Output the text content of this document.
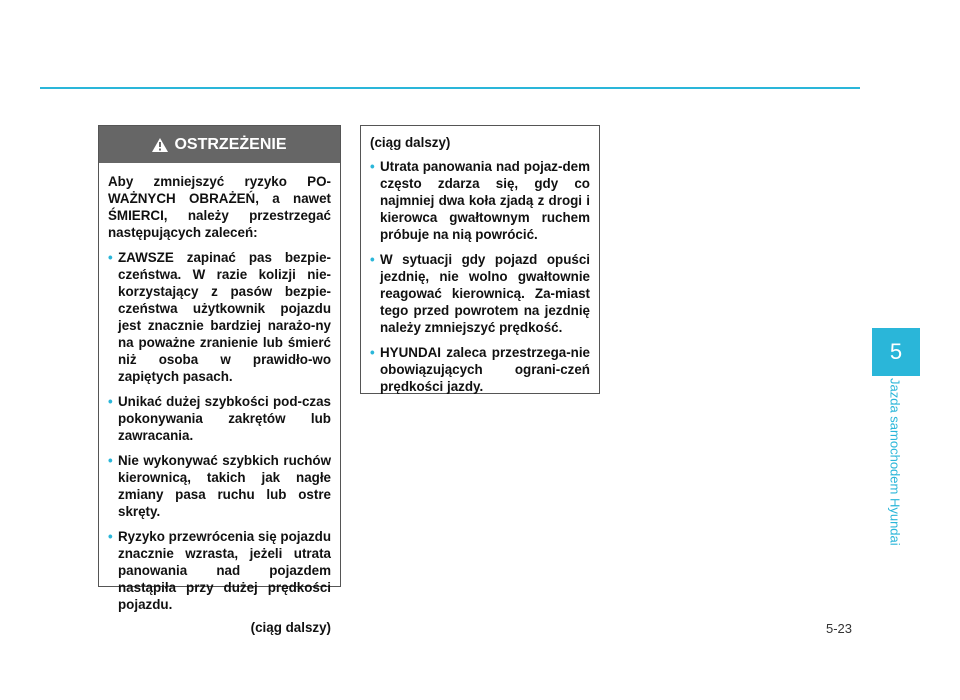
OSTRZEŻENIE

Aby zmniejszyć ryzyko PO-WAŻNYCH OBRAŻEŃ, a nawet ŚMIERCI, należy przestrzegać następujących zaleceń:

• ZAWSZE zapinać pas bezpie-czeństwa. W razie kolizji nie-korzystający z pasów bezpie-czeństwa użytkownik pojazdu jest znacznie bardziej narażo-ny na poważne zranienie lub śmierć niż osoba w prawidło-wo zapiętych pasach.
• Unikać dużej szybkości pod-czas pokonywania zakrętów lub zawracania.
• Nie wykonywać szybkich ruchów kierownicą, takich jak nagłe zmiany pasa ruchu lub ostre skręty.
• Ryzyko przewrócenia się pojazdu znacznie wzrasta, jeżeli utrata panowania nad pojazdem nastąpiła przy dużej prędkości pojazdu.
(ciąg dalszy)

(ciąg dalszy)

• Utrata panowania nad pojaz-dem często zdarza się, gdy co najmniej dwa koła zjadą z drogi i kierowca gwałtownym ruchem próbuje na nią powrócić.
• W sytuacji gdy pojazd opuści jezdnię, nie wolno gwałtownie reagować kierownicą. Za-miast tego przed powrotem na jezdnię należy zmniejszyć prędkość.
• HYUNDAI zaleca przestrzega-nie obowiązujących ograni-czeń prędkości jazdy.
5
Jazda samochodem Hyundai
5-23
